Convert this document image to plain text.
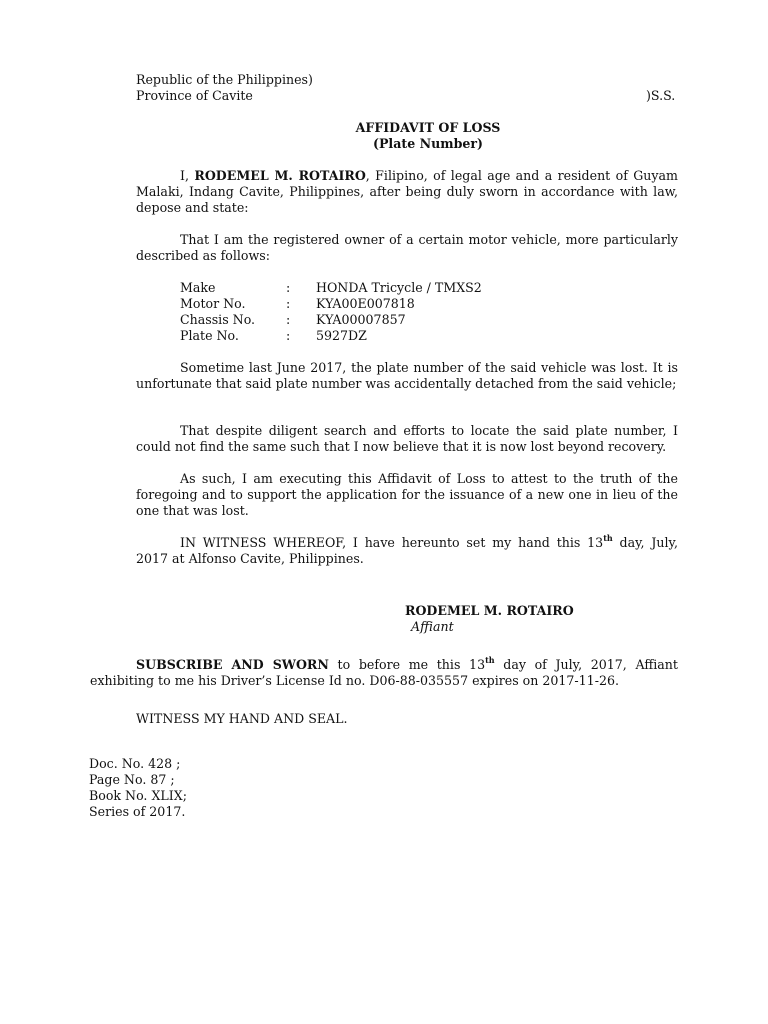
Republic of the Philippines)
Province of Cavite	)S.S.
AFFIDAVIT OF LOSS
(Plate Number)
I, RODEMEL M. ROTAIRO, Filipino, of legal age and a resident of Guyam Malaki, Indang Cavite, Philippines, after being duly sworn in accordance with law, depose and state:
That I am the registered owner of a certain motor vehicle, more particularly described as follows:
Make	:	HONDA Tricycle / TMXS2
Motor No.	:	KYA00E007818
Chassis No.	:	KYA00007857
Plate No.	:	5927DZ
Sometime last June 2017, the plate number of the said vehicle was lost. It is unfortunate that said plate number was accidentally detached from the said vehicle;
That despite diligent search and efforts to locate the said plate number, I could not find the same such that I now believe that it is now lost beyond recovery.
As such, I am executing this Affidavit of Loss to attest to the truth of the foregoing and to support the application for the issuance of a new one in lieu of the one that was lost.
IN WITNESS WHEREOF, I have hereunto set my hand this 13th day, July, 2017 at Alfonso Cavite, Philippines.
RODEMEL M. ROTAIRO
Affiant
SUBSCRIBE AND SWORN to before me this 13th day of July, 2017, Affiant exhibiting to me his Driver’s License Id no. D06-88-035557 expires on 2017-11-26.
WITNESS MY HAND AND SEAL.
Doc. No. 428 ;
Page No. 87 ;
Book No. XLIX;
Series of 2017.
